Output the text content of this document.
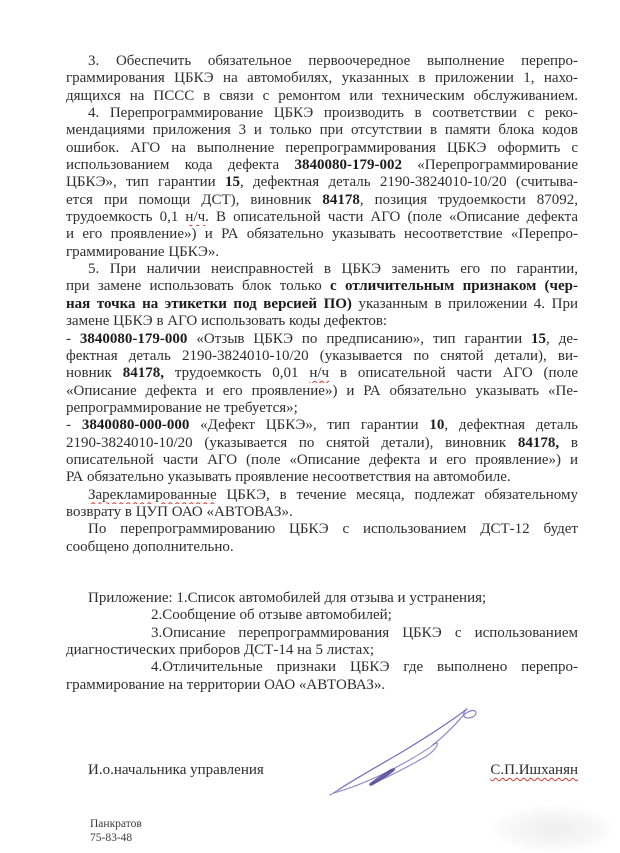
3. Обеспечить обязательное первоочередное выполнение перепро-
граммирования ЦБКЭ на автомобилях, указанных в приложении 1, нахо-
дящихся на ПССС в связи с ремонтом или техническим обслуживанием.
4. Перепрограммирование ЦБКЭ производить в соответствии с реко-
мендациями приложения 3 и только при отсутствии в памяти блока кодов
ошибок. АГО на выполнение перепрограммирования ЦБКЭ оформить с
использованием кода дефекта 3840080-179-002 «Перепрограммирование
ЦБКЭ», тип гарантии 15, дефектная деталь 2190-3824010-10/20 (считыва-
ется при помощи ДСТ), виновник 84178, позиция трудоемкости 87092,
трудоемкость 0,1 н/ч. В описательной части АГО (поле «Описание дефекта
и его проявление») и РА обязательно указывать несоответствие «Перепро-
граммирование ЦБКЭ».
5. При наличии неисправностей в ЦБКЭ заменить его по гарантии,
при замене использовать блок только с отличительным признаком (чер-
ная точка на этикетки под версией ПО) указанным в приложении 4. При
замене ЦБКЭ в АГО использовать коды дефектов:
- 3840080-179-000 «Отзыв ЦБКЭ по предписанию», тип гарантии 15, де-
фектная деталь 2190-3824010-10/20 (указывается по снятой детали), ви-
новник 84178, трудоемкость 0,01 н/ч в описательной части АГО (поле
«Описание дефекта и его проявление») и РА обязательно указывать «Пе-
репрограммирование не требуется»;
- 3840080-000-000 «Дефект ЦБКЭ», тип гарантии 10, дефектная деталь
2190-3824010-10/20 (указывается по снятой детали), виновник 84178, в
описательной части АГО (поле «Описание дефекта и его проявление») и
РА обязательно указывать проявление несоответствия на автомобиле.
Зарекламированные ЦБКЭ, в течение месяца, подлежат обязательному
возврату в ЦУП ОАО «АВТОВАЗ».
По перепрограммированию ЦБКЭ с использованием ДСТ-12 будет
сообщено дополнительно.
Приложение: 1.Список автомобилей для отзыва и устранения;
2.Сообщение об отзыве автомобилей;
3.Описание перепрограммирования ЦБКЭ с использованием
диагностических приборов ДСТ-14 на 5 листах;
4.Отличительные признаки ЦБКЭ где выполнено перепро-
граммирование на территории ОАО «АВТОВАЗ».
И.о.начальника управления	С.П.Ишханян
Панкратов
75-83-48
